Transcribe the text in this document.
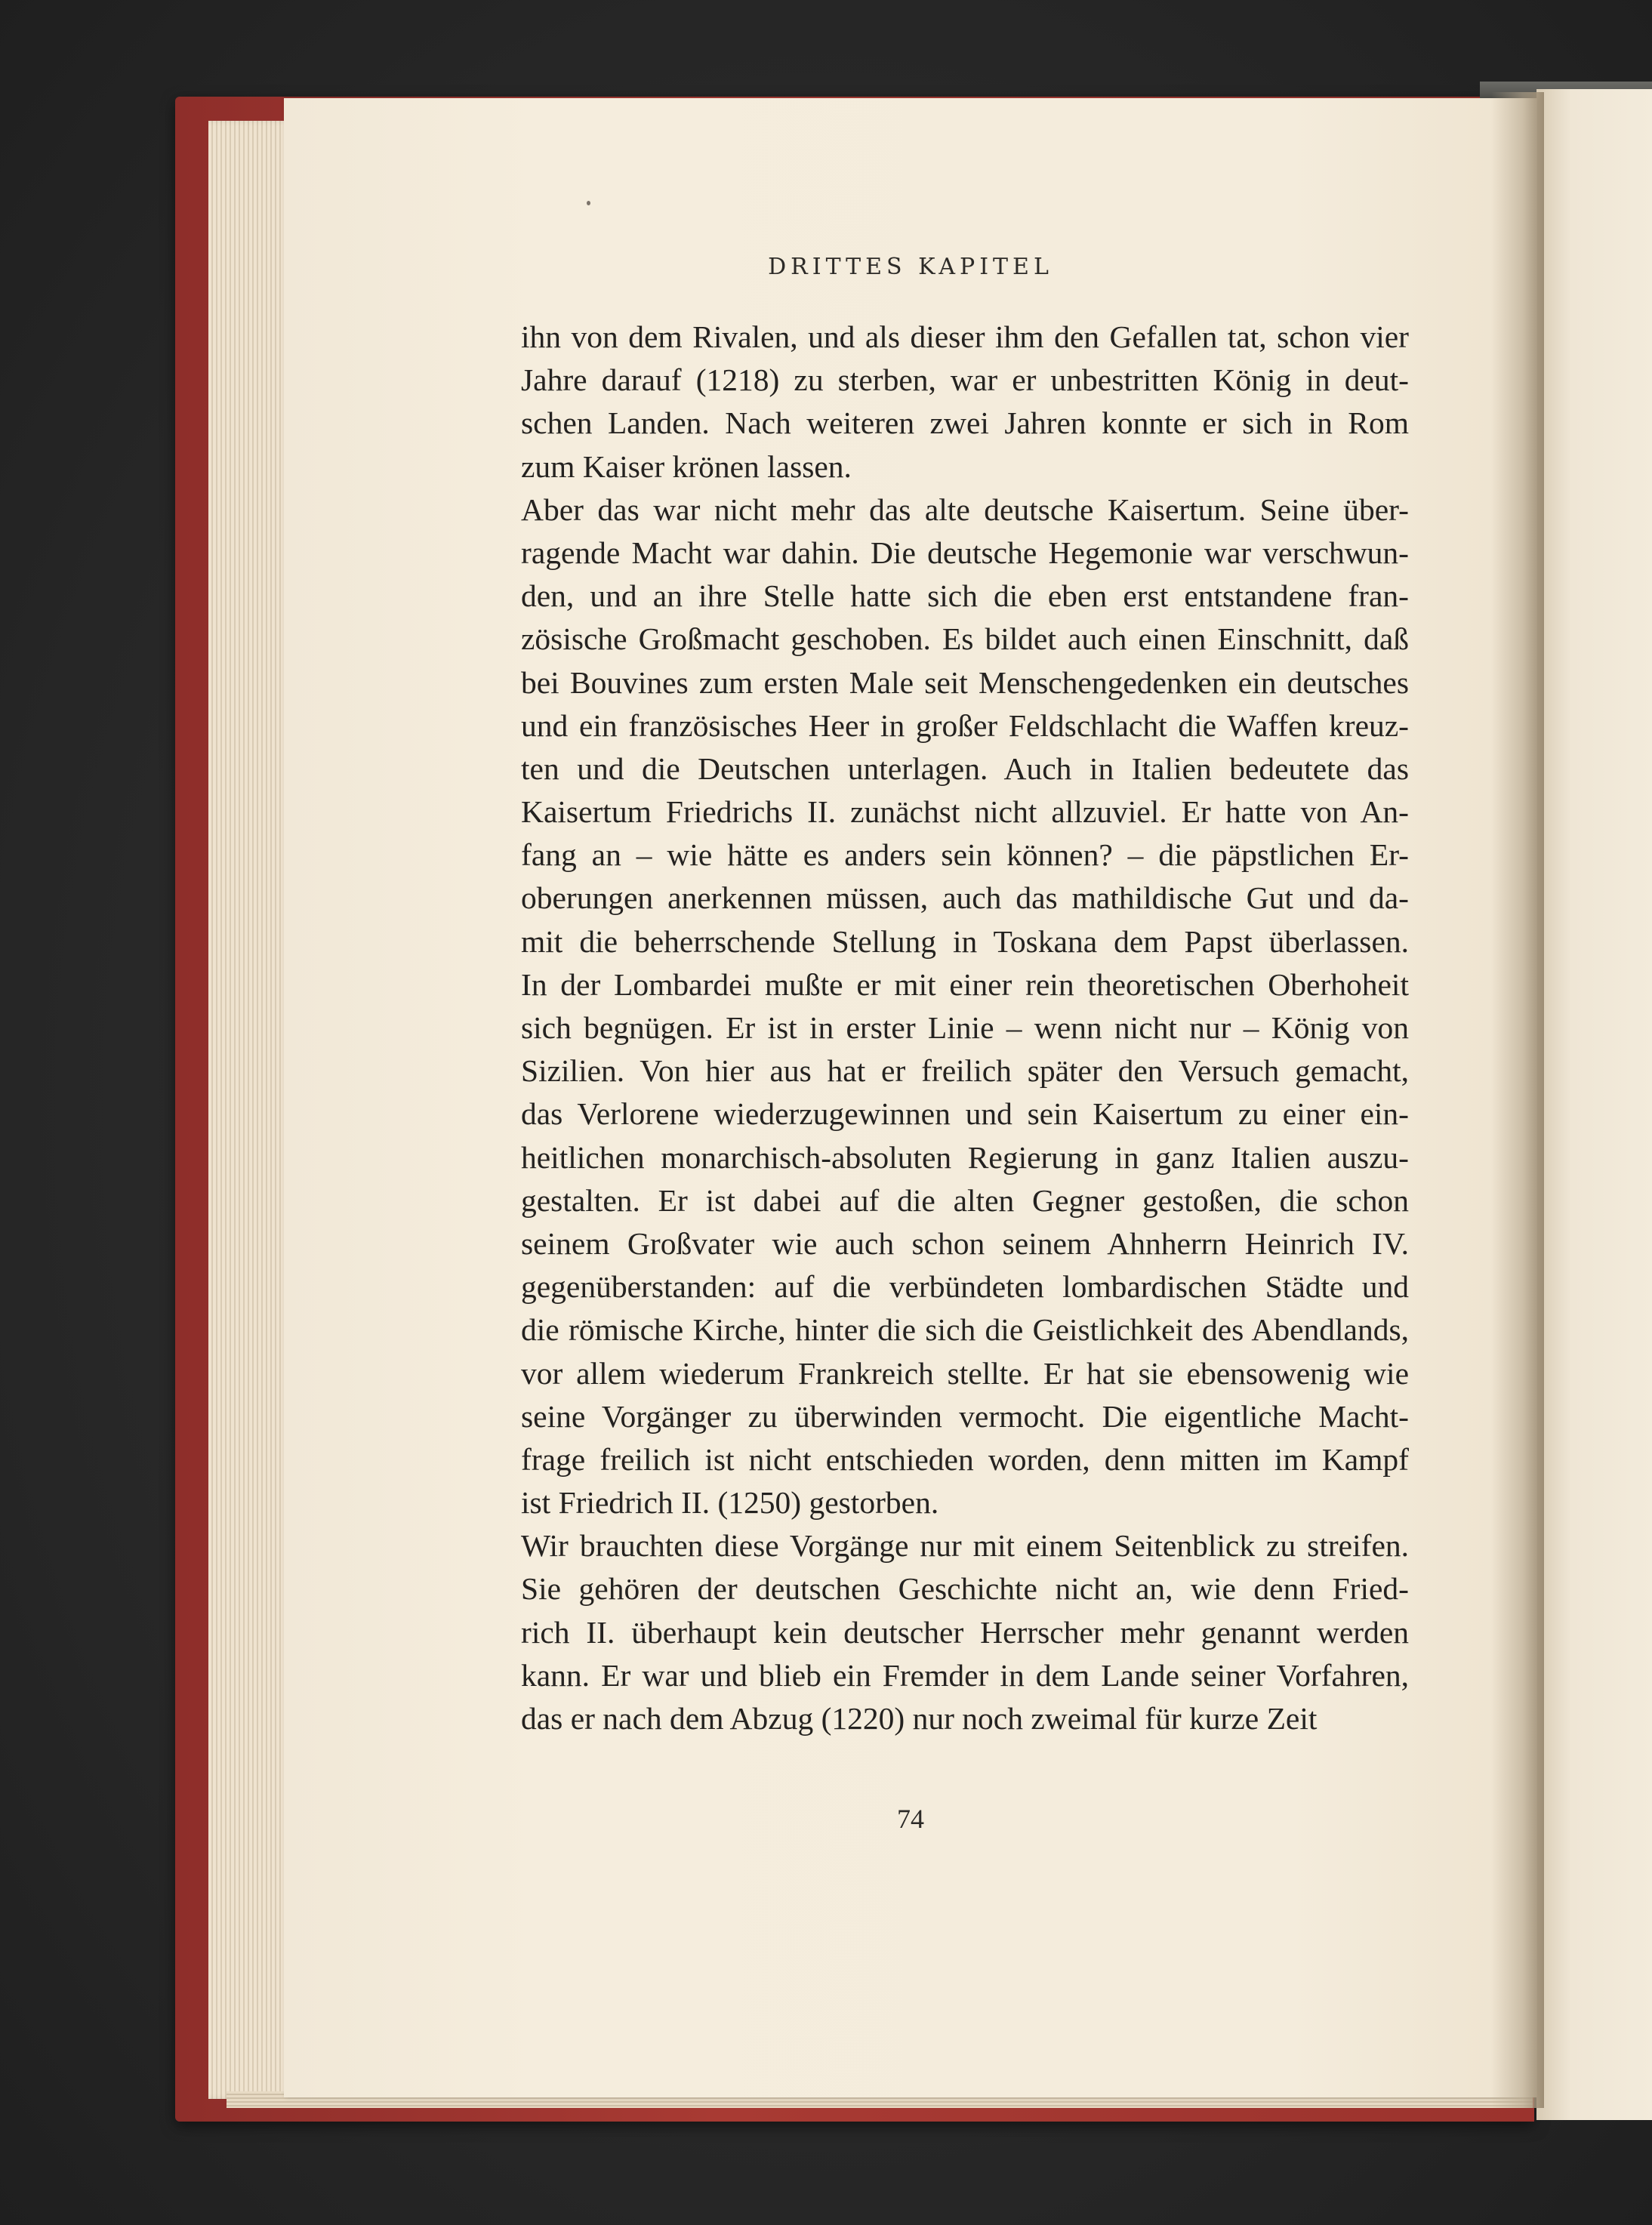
DRITTES KAPITEL
ihn von dem Rivalen, und als dieser ihm den Gefallen tat, schon vier
Jahre darauf (1218) zu sterben, war er unbestritten König in deut-
schen Landen. Nach weiteren zwei Jahren konnte er sich in Rom
zum Kaiser krönen lassen.
Aber das war nicht mehr das alte deutsche Kaisertum. Seine über-
ragende Macht war dahin. Die deutsche Hegemonie war verschwun-
den, und an ihre Stelle hatte sich die eben erst entstandene fran-
zösische Großmacht geschoben. Es bildet auch einen Einschnitt, daß
bei Bouvines zum ersten Male seit Menschengedenken ein deutsches
und ein französisches Heer in großer Feldschlacht die Waffen kreuz-
ten und die Deutschen unterlagen. Auch in Italien bedeutete das
Kaisertum Friedrichs II. zunächst nicht allzuviel. Er hatte von An-
fang an – wie hätte es anders sein können? – die päpstlichen Er-
oberungen anerkennen müssen, auch das mathildische Gut und da-
mit die beherrschende Stellung in Toskana dem Papst überlassen.
In der Lombardei mußte er mit einer rein theoretischen Oberhoheit
sich begnügen. Er ist in erster Linie – wenn nicht nur – König von
Sizilien. Von hier aus hat er freilich später den Versuch gemacht,
das Verlorene wiederzugewinnen und sein Kaisertum zu einer ein-
heitlichen monarchisch-absoluten Regierung in ganz Italien auszu-
gestalten. Er ist dabei auf die alten Gegner gestoßen, die schon
seinem Großvater wie auch schon seinem Ahnherrn Heinrich IV.
gegenüberstanden: auf die verbündeten lombardischen Städte und
die römische Kirche, hinter die sich die Geistlichkeit des Abendlands,
vor allem wiederum Frankreich stellte. Er hat sie ebensowenig wie
seine Vorgänger zu überwinden vermocht. Die eigentliche Macht-
frage freilich ist nicht entschieden worden, denn mitten im Kampf
ist Friedrich II. (1250) gestorben.
Wir brauchten diese Vorgänge nur mit einem Seitenblick zu streifen.
Sie gehören der deutschen Geschichte nicht an, wie denn Fried-
rich II. überhaupt kein deutscher Herrscher mehr genannt werden
kann. Er war und blieb ein Fremder in dem Lande seiner Vorfahren,
das er nach dem Abzug (1220) nur noch zweimal für kurze Zeit
74
